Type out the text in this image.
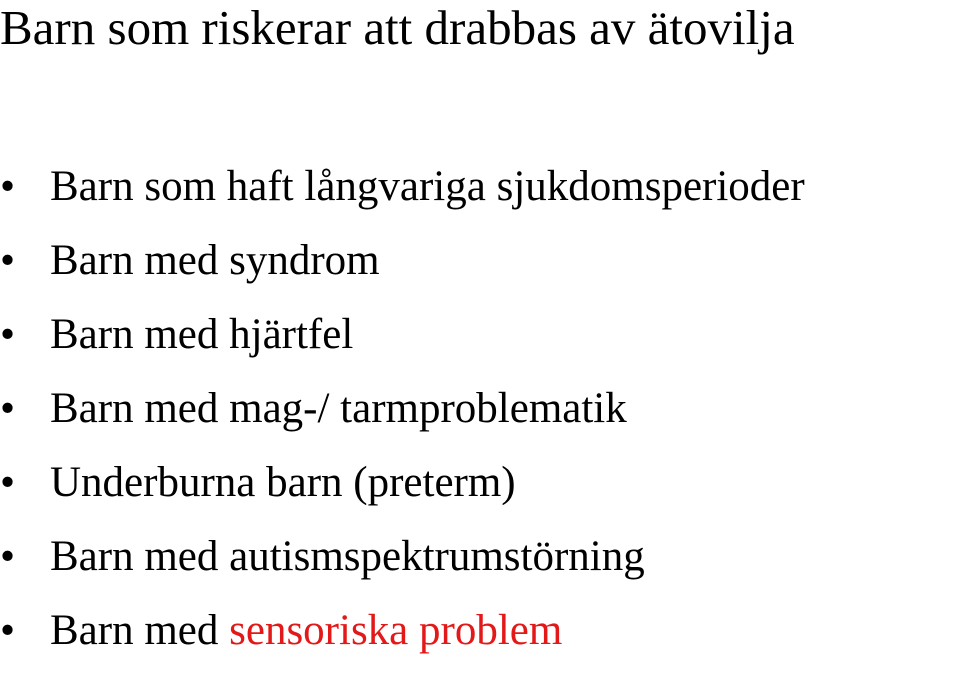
Barn som riskerar att drabbas av ätovilja
• Barn som haft långvariga sjukdomsperioder
• Barn med syndrom
• Barn med hjärtfel
• Barn med mag-/ tarmproblematik
• Underburna barn (preterm)
• Barn med autismspektrumstörning
• Barn med sensoriska problem
